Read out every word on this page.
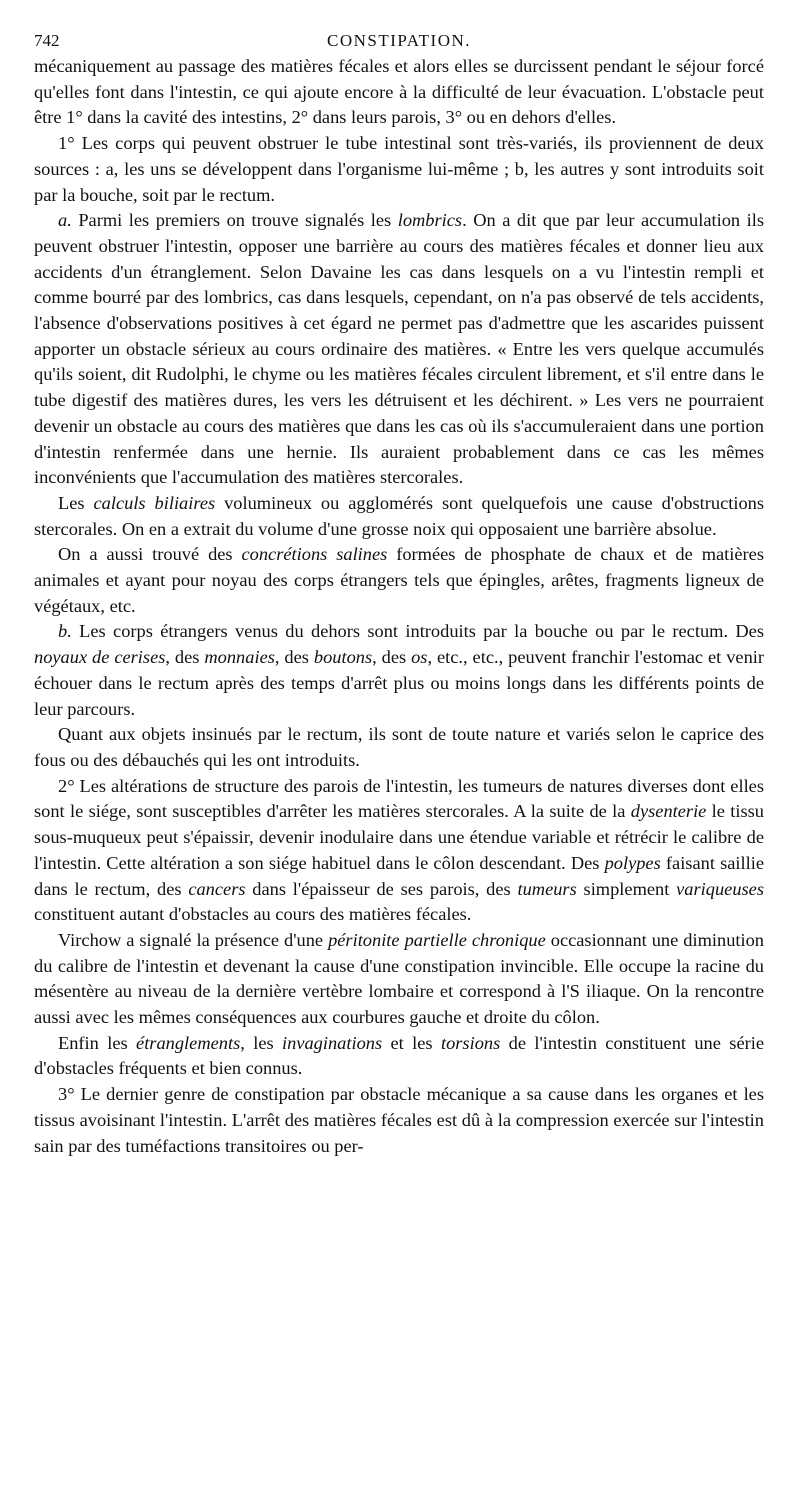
742	CONSTIPATION.

mécaniquement au passage des matières fécales et alors elles se durcissent pendant le séjour forcé qu'elles font dans l'intestin, ce qui ajoute encore à la difficulté de leur évacuation. L'obstacle peut être 1° dans la cavité des intestins, 2° dans leurs parois, 3° ou en dehors d'elles.

1° Les corps qui peuvent obstruer le tube intestinal sont très-variés, ils proviennent de deux sources : a, les uns se développent dans l'organisme lui-même ; b, les autres y sont introduits soit par la bouche, soit par le rectum.

a. Parmi les premiers on trouve signalés les lombrics. On a dit que par leur accumulation ils peuvent obstruer l'intestin, opposer une barrière au cours des matières fécales et donner lieu aux accidents d'un étranglement. Selon Davaine les cas dans lesquels on a vu l'intestin rempli et comme bourré par des lombrics, cas dans lesquels, cependant, on n'a pas observé de tels accidents, l'absence d'observations positives à cet égard ne permet pas d'admettre que les ascarides puissent apporter un obstacle sérieux au cours ordinaire des matières. « Entre les vers quelque accumulés qu'ils soient, dit Rudolphi, le chyme ou les matières fécales circulent librement, et s'il entre dans le tube digestif des matières dures, les vers les détruisent et les déchirent. » Les vers ne pourraient devenir un obstacle au cours des matières que dans les cas où ils s'accumuleraient dans une portion d'intestin renfermée dans une hernie. Ils auraient probablement dans ce cas les mêmes inconvénients que l'accumulation des matières stercorales.

Les calculs biliaires volumineux ou agglomérés sont quelquefois une cause d'obstructions stercorales. On en a extrait du volume d'une grosse noix qui opposaient une barrière absolue.

On a aussi trouvé des concrétions salines formées de phosphate de chaux et de matières animales et ayant pour noyau des corps étrangers tels que épingles, arêtes, fragments ligneux de végétaux, etc.

b. Les corps étrangers venus du dehors sont introduits par la bouche ou par le rectum. Des noyaux de cerises, des monnaies, des boutons, des os, etc., etc., peuvent franchir l'estomac et venir échouer dans le rectum après des temps d'arrêt plus ou moins longs dans les différents points de leur parcours.

Quant aux objets insinués par le rectum, ils sont de toute nature et variés selon le caprice des fous ou des débauchés qui les ont introduits.

2° Les altérations de structure des parois de l'intestin, les tumeurs de natures diverses dont elles sont le siége, sont susceptibles d'arrêter les matières stercorales. A la suite de la dysenterie le tissu sous-muqueux peut s'épaissir, devenir inodulaire dans une étendue variable et rétrécir le calibre de l'intestin. Cette altération a son siége habituel dans le côlon descendant. Des polypes faisant saillie dans le rectum, des cancers dans l'épaisseur de ses parois, des tumeurs simplement variqueuses constituent autant d'obstacles au cours des matières fécales.

Virchow a signalé la présence d'une péritonite partielle chronique occasionnant une diminution du calibre de l'intestin et devenant la cause d'une constipation invincible. Elle occupe la racine du mésentère au niveau de la dernière vertèbre lombaire et correspond à l'S iliaque. On la rencontre aussi avec les mêmes conséquences aux courbures gauche et droite du côlon.

Enfin les étranglements, les invaginations et les torsions de l'intestin constituent une série d'obstacles fréquents et bien connus.

3° Le dernier genre de constipation par obstacle mécanique a sa cause dans les organes et les tissus avoisinant l'intestin. L'arrêt des matières fécales est dû à la compression exercée sur l'intestin sain par des tuméfactions transitoires ou per-
